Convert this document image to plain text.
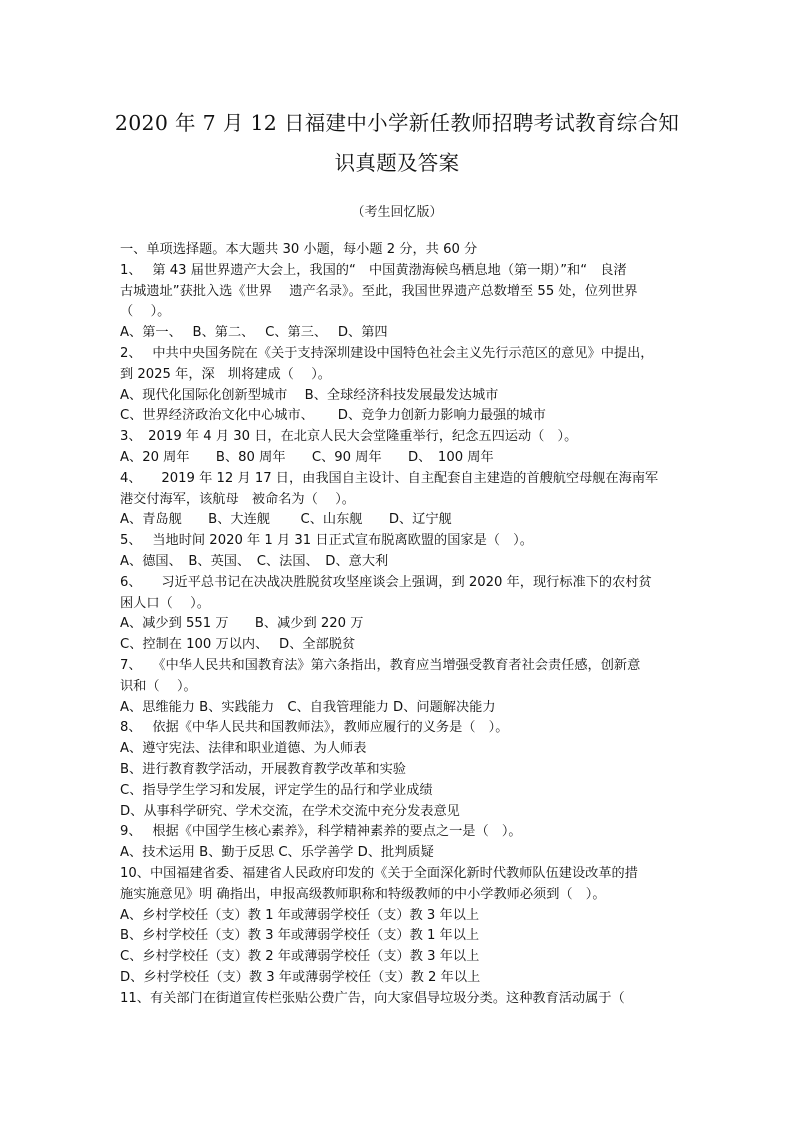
2020 年 7 月 12 日福建中小学新任教师招聘考试教育综合知
识真题及答案
（考生回忆版）
一、单项选择题。本大题共 30 小题，每小题 2 分，共 60 分
1、　 第 43 届世界遗产大会上，我国的“　中国黄渤海候鸟栖息地（第一期）”和“　良渚
古城遗址”获批入选《世界　 遗产名录》。至此，我国世界遗产总数增至 55 处，位列世界
（　 ）。
A、第一、　 B、第二、　 C、第三、　 D、第四
2、　 中共中央国务院在《关于支持深圳建设中国特色社会主义先行示范区的意见》中提出，
到 2025 年，深　圳将建成（　 ）。
A、现代化国际化创新型城市　 B、全球经济科技发展最发达城市
C、世界经济政治文化中心城市、　　 D、竞争力创新力影响力最强的城市
3、　2019 年 4 月 30 日，在北京人民大会堂隆重举行，纪念五四运动（　）。
A、20 周年　　B、80 周年　　C、90 周年　　D、　100 周年
4、　　2019 年 12 月 17 日，由我国自主设计、自主配套自主建造的首艘航空母舰在海南军
港交付海军，该航母　被命名为（　 ）。
A、青岛舰　　B、大连舰　　 C、山东舰　　D、辽宁舰
5、　 当地时间 2020 年 1 月 31 日正式宣布脱离欧盟的国家是（　）。
A、德国、　B、英国、　C、法国、　D、意大利
6、　　习近平总书记在决战决胜脱贫攻坚座谈会上强调，到 2020 年，现行标准下的农村贫
困人口（　 ）。
A、减少到 551 万　　B、减少到 220 万
C、控制在 100 万以内、　 D、全部脱贫
7、　 《中华人民共和国教育法》第六条指出，教育应当增强受教育者社会责任感，创新意
识和（　 ）。
A、思维能力 B、实践能力　C、自我管理能力 D、问题解决能力
8、　 依据《中华人民共和国教师法》，教师应履行的义务是（　）。
A、遵守宪法、法律和职业道德、为人师表
B、进行教育教学活动，开展教育教学改革和实验
C、指导学生学习和发展，评定学生的品行和学业成绩
D、从事科学研究、学术交流，在学术交流中充分发表意见
9、　 根据《中国学生核心素养》，科学精神素养的要点之一是（　）。
A、技术运用 B、勤于反思 C、乐学善学 D、批判质疑
10、中国福建省委、福建省人民政府印发的《关于全面深化新时代教师队伍建设改革的措
施实施意见》明 确指出，申报高级教师职称和特级教师的中小学教师必须到（　）。
A、乡村学校任（支）教 1 年或薄弱学校任（支）教 3 年以上
B、乡村学校任（支）教 3 年或薄弱学校任（支）教 1 年以上
C、乡村学校任（支）教 2 年或薄弱学校任（支）教 3 年以上
D、乡村学校任（支）教 3 年或薄弱学校任（支）教 2 年以上
11、有关部门在街道宣传栏张贴公费广告，向大家倡导垃圾分类。这种教育活动属于（
